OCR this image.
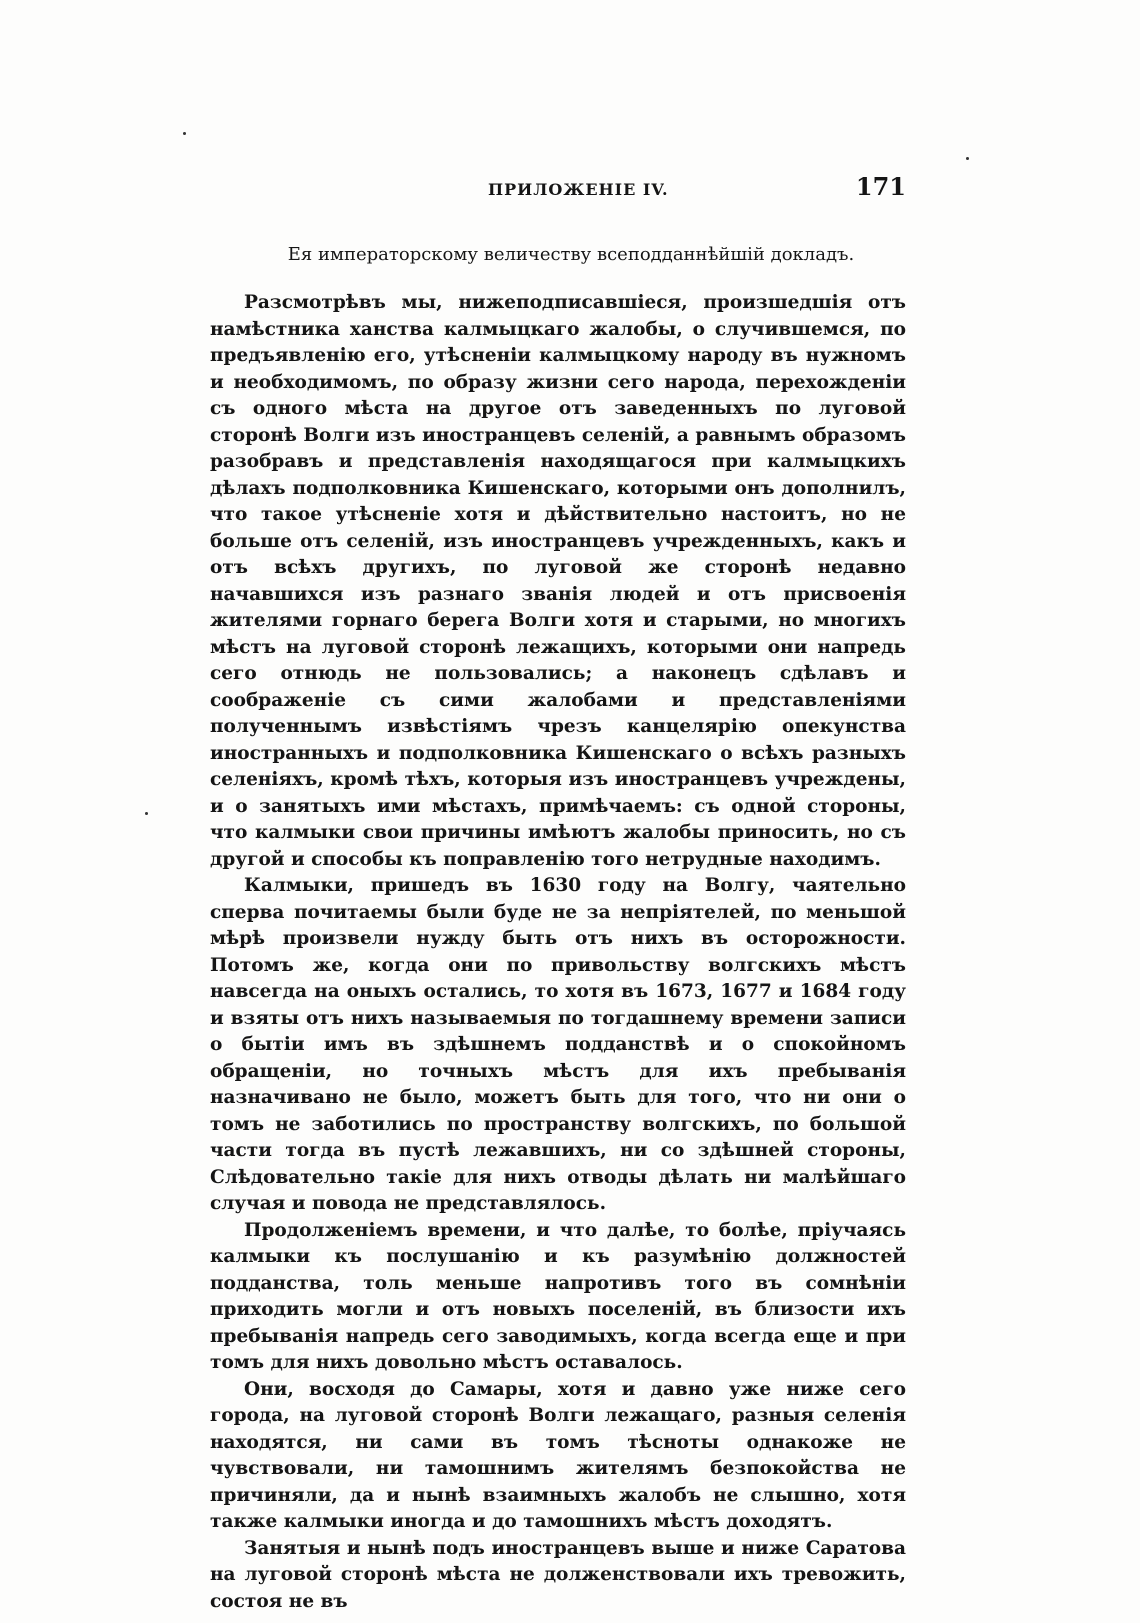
ПРИЛОЖЕНІЕ IV.	171
Ея императорскому величеству всеподданнѣйшій докладъ.

Разсмотрѣвъ мы, нижеподписавшіеся, произшедшія отъ намѣстника ханства калмыцкаго жалобы, о случившемся, по предъявленію его, утѣсненіи калмыцкому народу въ нужномъ и необходимомъ, по образу жизни сего народа, перехожденіи съ одного мѣста на другое отъ заведенныхъ по луговой сторонѣ Волги изъ иностранцевъ селеній, а равнымъ образомъ разобравъ и представленія находящагося при калмыцкихъ дѣлахъ подполковника Кишенскаго, которыми онъ дополнилъ, что такое утѣсненіе хотя и дѣйствительно настоитъ, но не больше отъ селеній, изъ иностранцевъ учрежденныхъ, какъ и отъ всѣхъ другихъ, по луговой же сторонѣ недавно начавшихся изъ разнаго званія людей и отъ присвоенія жителями горнаго берега Волги хотя и старыми, но многихъ мѣстъ на луговой сторонѣ лежащихъ, которыми они напредь сего отнюдь не пользовались; а наконецъ сдѣлавъ и соображеніе съ сими жалобами и представленіями полученнымъ извѣстіямъ чрезъ канцелярію опекунства иностранныхъ и подполковника Кишенскаго о всѣхъ разныхъ селеніяхъ, кромѣ тѣхъ, которыя изъ иностранцевъ учреждены, и о занятыхъ ими мѣстахъ, примѣчаемъ: съ одной стороны, что калмыки свои причины имѣютъ жалобы приносить, но съ другой и способы къ поправленію того нетрудные находимъ.

Калмыки, пришедъ въ 1630 году на Волгу, чаятельно сперва почитаемы были буде не за непріятелей, по меньшой мѣрѣ произвели нужду быть отъ нихъ въ осторожности. Потомъ же, когда они по привольству волгскихъ мѣстъ навсегда на оныхъ остались, то хотя въ 1673, 1677 и 1684 году и взяты отъ нихъ называемыя по тогдашнему времени записи о бытіи имъ въ здѣшнемъ подданствѣ и о спокойномъ обращеніи, но точныхъ мѣстъ для ихъ пребыванія назначивано не было, можетъ быть для того, что ни они о томъ не заботились по пространству волгскихъ, по большой части тогда въ пустѣ лежавшихъ, ни со здѣшней стороны, Слѣдовательно такіе для нихъ отводы дѣлать ни малѣйшаго случая и повода не представлялось.

Продолженіемъ времени, и что далѣе, то болѣе, пріучаясь калмыки къ послушанію и къ разумѣнію должностей подданства, толь меньше напротивъ того въ сомнѣніи приходить могли и отъ новыхъ поселеній, въ близости ихъ пребыванія напредь сего заводимыхъ, когда всегда еще и при томъ для нихъ довольно мѣстъ оставалось.

Они, восходя до Самары, хотя и давно уже ниже сего города, на луговой сторонѣ Волги лежащаго, разныя селенія находятся, ни сами въ томъ тѣсноты однакоже не чувствовали, ни тамошнимъ жителямъ безпокойства не причиняли, да и нынѣ взаимныхъ жалобъ не слышно, хотя также калмыки иногда и до тамошнихъ мѣстъ доходятъ.

Занятыя и нынѣ подъ иностранцевъ выше и ниже Саратова на луговой сторонѣ мѣста не долженствовали ихъ тревожить, состоя не въ
